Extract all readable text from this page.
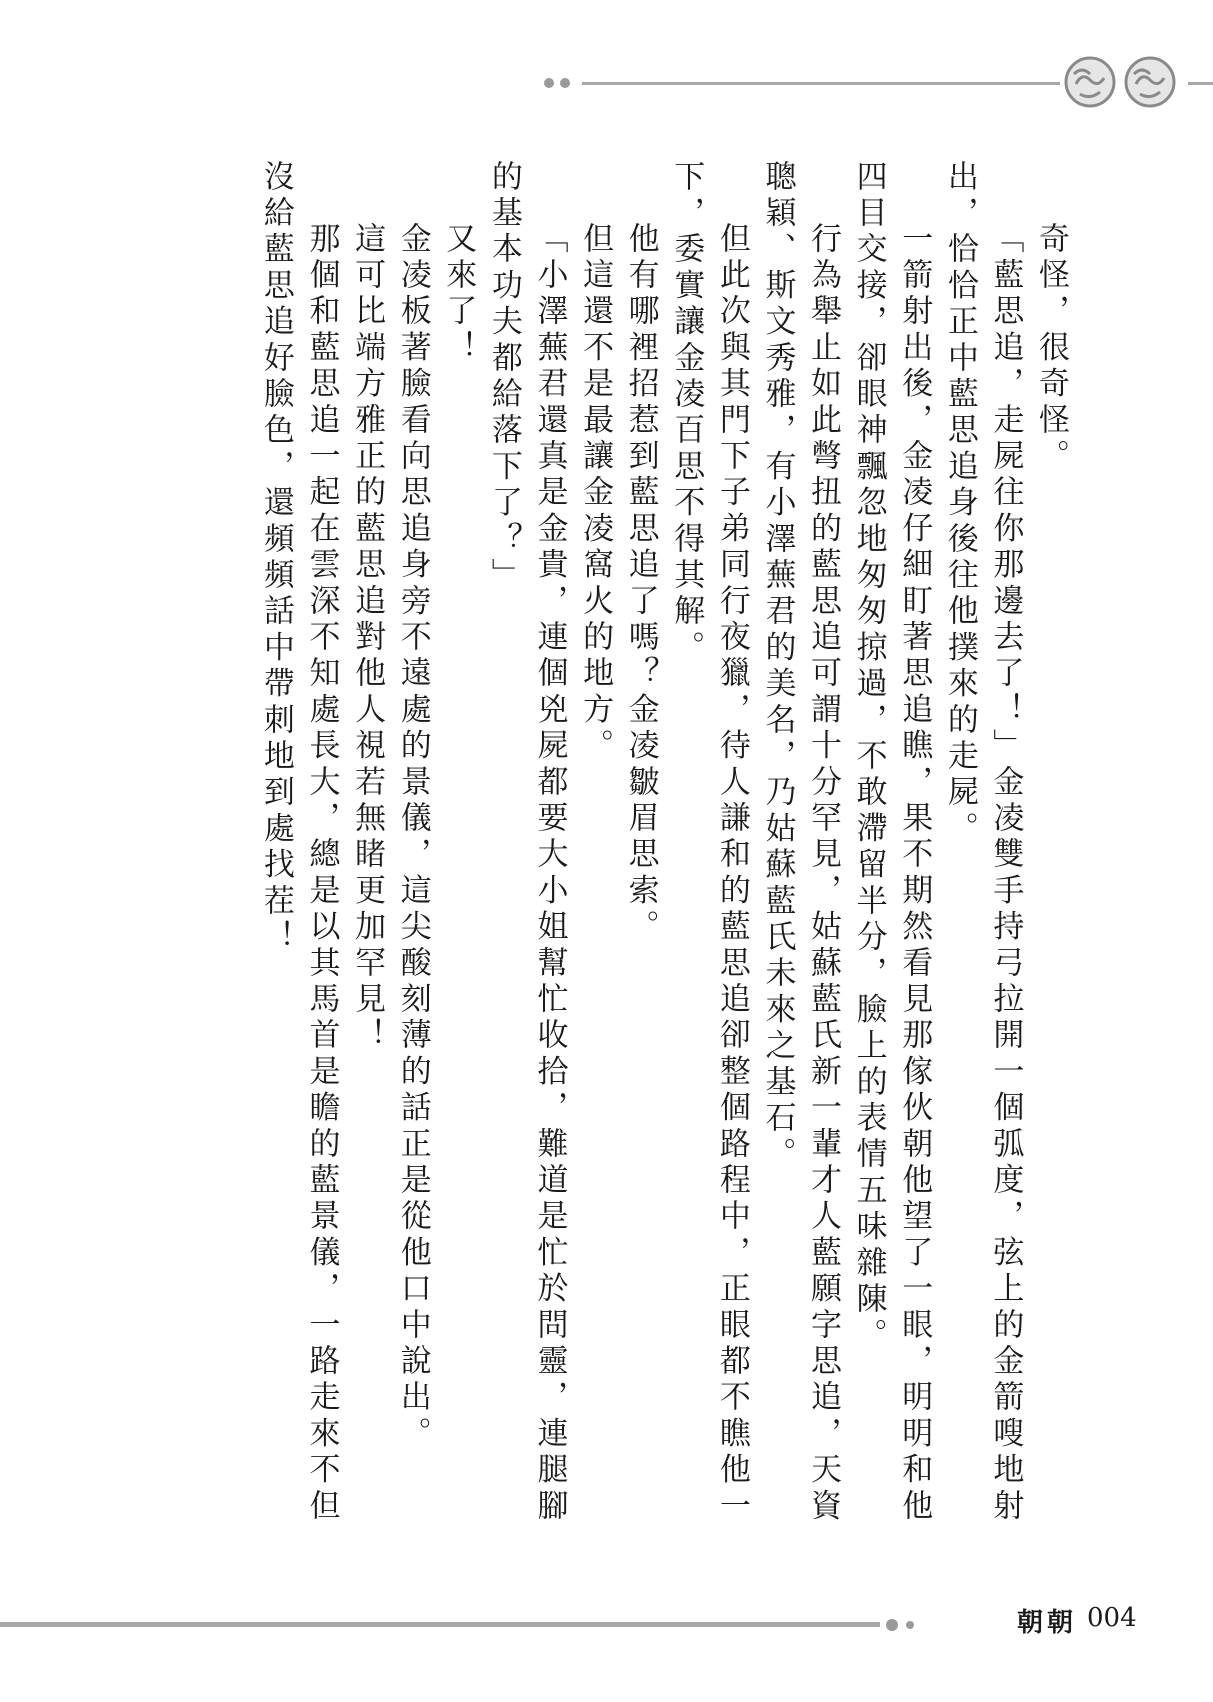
奇怪，很奇怪。

「藍思追，走屍往你那邊去了！」金凌雙手持弓拉開一個弧度，弦上的金箭嗖地射出，恰恰正中藍思追身後往他撲來的走屍。

一箭射出後，金凌仔細盯著思追瞧，果不期然看見那傢伙朝他望了一眼，明明和他四目交接，卻眼神飄忽地匆匆掠過，不敢滯留半分，臉上的表情五味雜陳。

行為舉止如此彆扭的藍思追可謂十分罕見，姑蘇藍氏新一輩才人藍願字思追，天資聰穎、斯文秀雅，有小澤蕪君的美名，乃姑蘇藍氏未來之基石。

但此次與其門下子弟同行夜獵，待人謙和的藍思追卻整個路程中，正眼都不瞧他一下，委實讓金凌百思不得其解。

他有哪裡招惹到藍思追了嗎？金凌皺眉思索。

但這還不是最讓金凌窩火的地方。

「小澤蕪君還真是金貴，連個兇屍都要大小姐幫忙收拾，難道是忙於問靈，連腿腳的基本功夫都給落下了？」

又來了！

金凌板著臉看向思追身旁不遠處的景儀，這尖酸刻薄的話正是從他口中說出。

這可比端方雅正的藍思追對他人視若無睹更加罕見！

那個和藍思追一起在雲深不知處長大，總是以其馬首是瞻的藍景儀，一路走來不但沒給藍思追好臉色，還頻頻話中帶刺地到處找茬！

朝朝 004
